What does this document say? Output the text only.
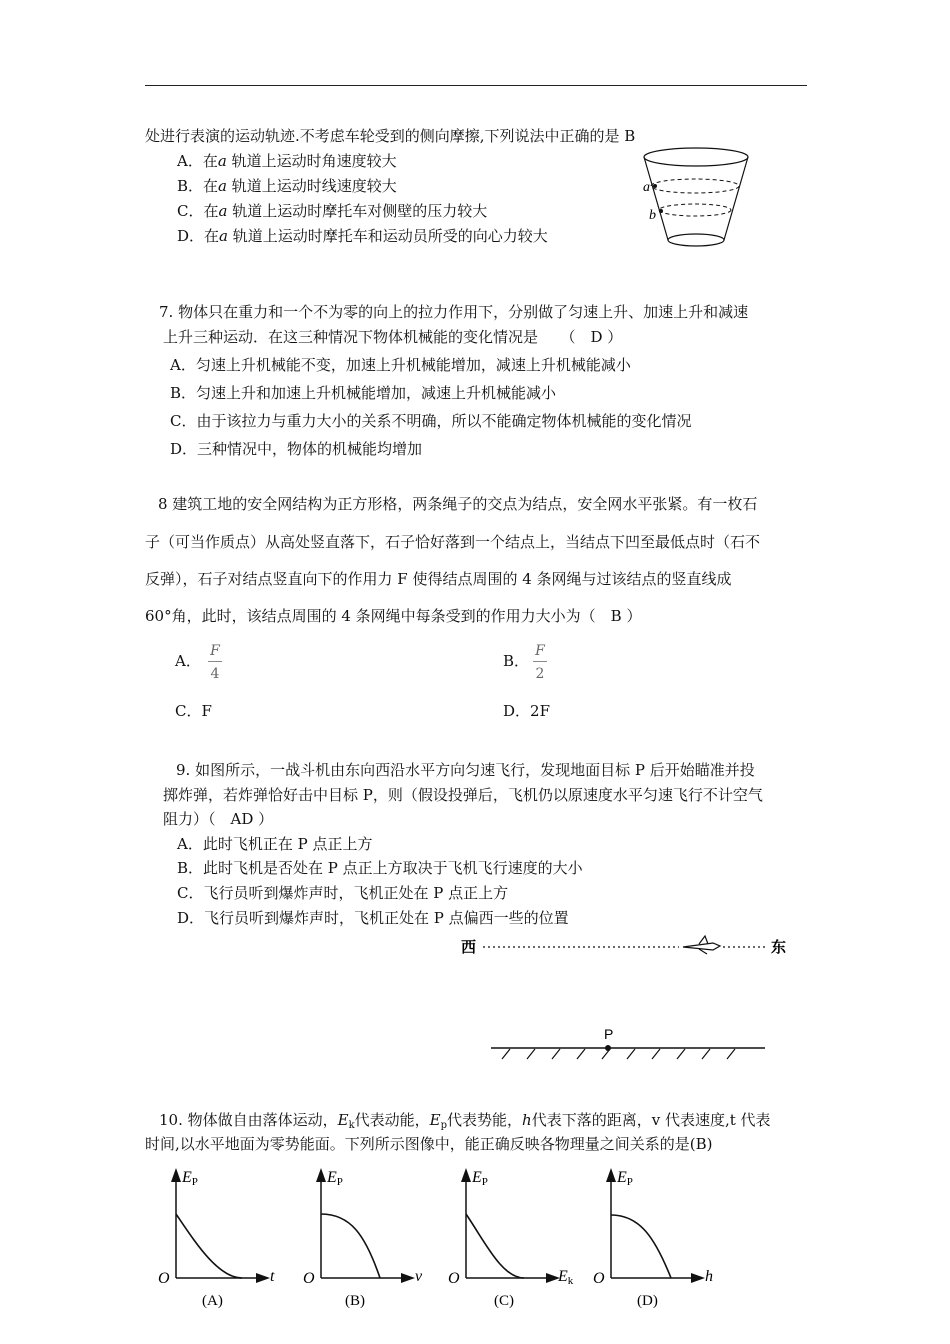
处进行表演的运动轨迹.不考虑车轮受到的侧向摩擦,下列说法中正确的是 B
A．在a 轨道上运动时角速度较大
B．在a 轨道上运动时线速度较大
C．在a 轨道上运动时摩托车对侧壁的压力较大
D．在a 轨道上运动时摩托车和运动员所受的向心力较大
a
b
7. 物体只在重力和一个不为零的向上的拉力作用下，分别做了匀速上升、加速上升和减速
上升三种运动．在这三种情况下物体机械能的变化情况是　　（　D ）
A．匀速上升机械能不变，加速上升机械能增加，减速上升机械能减小
B．匀速上升和加速上升机械能增加，减速上升机械能减小
C．由于该拉力与重力大小的关系不明确，所以不能确定物体机械能的变化情况
D．三种情况中，物体的机械能均增加
8 建筑工地的安全网结构为正方形格，两条绳子的交点为结点，安全网水平张紧。有一枚石
子（可当作质点）从高处竖直落下，石子恰好落到一个结点上，当结点下凹至最低点时（石不
反弹），石子对结点竖直向下的作用力 F 使得结点周围的 4 条网绳与过该结点的竖直线成
60°角，此时，该结点周围的 4 条网绳中每条受到的作用力大小为（　B ）
A．
F
4
B．
F
2
C．F	D．2F
9. 如图所示，一战斗机由东向西沿水平方向匀速飞行，发现地面目标 P 后开始瞄准并投
掷炸弹，若炸弹恰好击中目标 P，则（假设投弹后，飞机仍以原速度水平匀速飞行不计空气
阻力）（　AD ）
A．此时飞机正在 P 点正上方
B．此时飞机是否处在 P 点正上方取决于飞机飞行速度的大小
C．飞行员听到爆炸声时，飞机正处在 P 点正上方
D．飞行员听到爆炸声时，飞机正处在 P 点偏西一些的位置
西	东
P
10. 物体做自由落体运动，$E_k$代表动能，$E_p$代表势能，h代表下落的距离，v 代表速度,t 代表
时间,以水平地面为零势能面。下列所示图像中，能正确反映各物理量之间关系的是(B)
EP
O	t
(A)
EP
O	v
(B)
EP
O	Ek
(C)
EP
O	h
(D)
